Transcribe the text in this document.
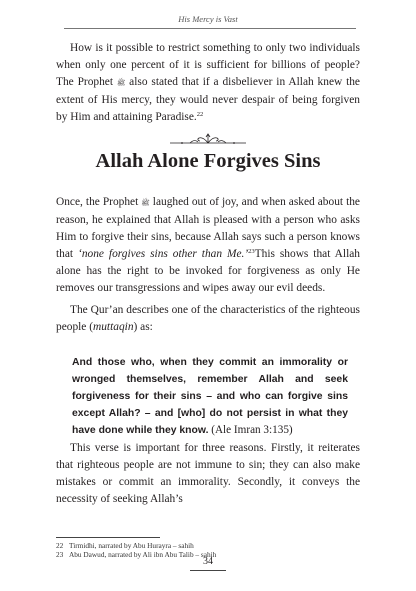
His Mercy is Vast

How is it possible to restrict something to only two individuals when only one percent of it is sufficient for billions of people? The Prophet ﷺ also stated that if a disbeliever in Allah knew the extent of His mercy, they would never despair of being forgiven by Him and attaining Paradise.$^{22}$

Allah Alone Forgives Sins

Once, the Prophet ﷺ laughed out of joy, and when asked about the reason, he explained that Allah is pleased with a person who asks Him to forgive their sins, because Allah says such a person knows that ‘none forgives sins other than Me.’$^{23}$This shows that Allah alone has the right to be invoked for forgiveness as only He removes our transgressions and wipes away our evil deeds.

The Qur’an describes one of the characteristics of the righteous people (muttaqin) as:

And those who, when they commit an immorality or wronged themselves, remember Allah and seek forgiveness for their sins – and who can forgive sins except Allah? – and [who] do not persist in what they have done while they know. (Ale Imran 3:135)

This verse is important for three reasons. Firstly, it reiterates that righteous people are not immune to sin; they can also make mistakes or commit an immorality. Secondly, it conveys the necessity of seeking Allah’s

22 Tirmidhi, narrated by Abu Hurayra – sahih

23 Abu Dawud, narrated by Ali ibn Abu Talib – sahih

34
